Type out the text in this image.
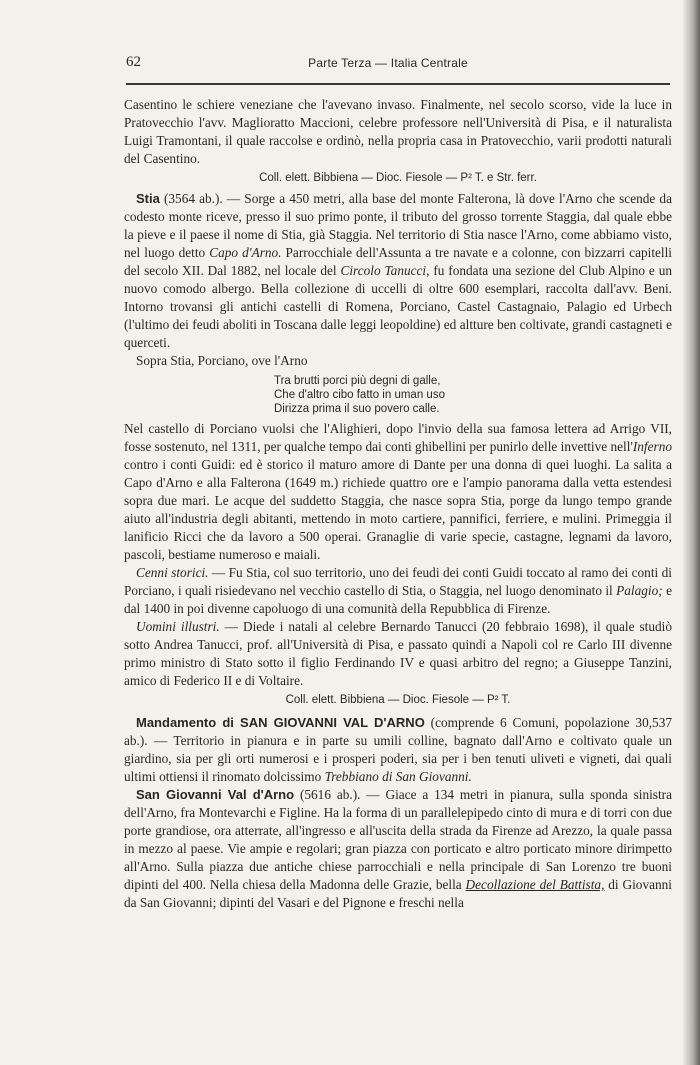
62	Parte Terza — Italia Centrale

Casentino le schiere veneziane che l'avevano invaso. Finalmente, nel secolo scorso, vide la luce in Pratovecchio l'avv. Maglioratto Maccioni, celebre professore nell'Università di Pisa, e il naturalista Luigi Tramontani, il quale raccolse e ordinò, nella propria casa in Pratovecchio, varii prodotti naturali del Casentino.

Coll. elett. Bibbiena — Dioc. Fiesole — P² T. e Str. ferr.

Stia (3564 ab.). — Sorge a 450 metri, alla base del monte Falterona, là dove l'Arno che scende da codesto monte riceve, presso il suo primo ponte, il tributo del grosso torrente Staggia, dal quale ebbe la pieve e il paese il nome di Stia, già Staggia. Nel territorio di Stia nasce l'Arno, come abbiamo visto, nel luogo detto Capo d'Arno. Parrocchiale dell'Assunta a tre navate e a colonne, con bizzarri capitelli del secolo XII. Dal 1882, nel locale del Circolo Tanucci, fu fondata una sezione del Club Alpino e un nuovo comodo albergo. Bella collezione di uccelli di oltre 600 esemplari, raccolta dall'avv. Beni. Intorno trovansi gli antichi castelli di Romena, Porciano, Castel Castagnaio, Palagio ed Urbech (l'ultimo dei feudi aboliti in Toscana dalle leggi leopoldine) ed altture ben coltivate, grandi castagneti e querceti.

Sopra Stia, Porciano, ove l'Arno

Tra brutti porci più degni di galle,
Che d'altro cibo fatto in uman uso
Dirizza prima il suo povero calle.

Nel castello di Porciano vuolsi che l'Alighieri, dopo l'invio della sua famosa lettera ad Arrigo VII, fosse sostenuto, nel 1311, per qualche tempo dai conti ghibellini per punirlo delle invettive nell'Inferno contro i conti Guidi: ed è storico il maturo amore di Dante per una donna di quei luoghi. La salita a Capo d'Arno e alla Falterona (1649 m.) richiede quattro ore e l'ampio panorama dalla vetta estendesi sopra due mari. Le acque del suddetto Staggia, che nasce sopra Stia, porge da lungo tempo grande aiuto all'industria degli abitanti, mettendo in moto cartiere, pannifici, ferriere, e mulini. Primeggia il lanificio Ricci che da lavoro a 500 operai. Granaglie di varie specie, castagne, legnami da lavoro, pascoli, bestiame numeroso e maiali.

Cenni storici. — Fu Stia, col suo territorio, uno dei feudi dei conti Guidi toccato al ramo dei conti di Porciano, i quali risiedevano nel vecchio castello di Stia, o Staggia, nel luogo denominato il Palagio; e dal 1400 in poi divenne capoluogo di una comunità della Repubblica di Firenze.

Uomini illustri. — Diede i natali al celebre Bernardo Tanucci (20 febbraio 1698), il quale studiò sotto Andrea Tanucci, prof. all'Università di Pisa, e passato quindi a Napoli col re Carlo III divenne primo ministro di Stato sotto il figlio Ferdinando IV e quasi arbitro del regno; a Giuseppe Tanzini, amico di Federico II e di Voltaire.

Coll. elett. Bibbiena — Dioc. Fiesole — P² T.

Mandamento di SAN GIOVANNI VAL D'ARNO (comprende 6 Comuni, popolazione 30,537 ab.). — Territorio in pianura e in parte su umili colline, bagnato dall'Arno e coltivato quale un giardino, sia per gli orti numerosi e i prosperi poderi, sia per i ben tenuti uliveti e vigneti, dai quali ultimi ottiensi il rinomato dolcissimo Trebbiano di San Giovanni.

San Giovanni Val d'Arno (5616 ab.). — Giace a 134 metri in pianura, sulla sponda sinistra dell'Arno, fra Montevarchi e Figline. Ha la forma di un parallelepipedo cinto di mura e di torri con due porte grandiose, ora atterrate, all'ingresso e all'uscita della strada da Firenze ad Arezzo, la quale passa in mezzo al paese. Vie ampie e regolari; gran piazza con porticato e altro porticato minore dirimpetto all'Arno. Sulla piazza due antiche chiese parrocchiali e nella principale di San Lorenzo tre buoni dipinti del 400. Nella chiesa della Madonna delle Grazie, bella Decollazione del Battista, di Giovanni da San Giovanni; dipinti del Vasari e del Pignone e freschi nella
